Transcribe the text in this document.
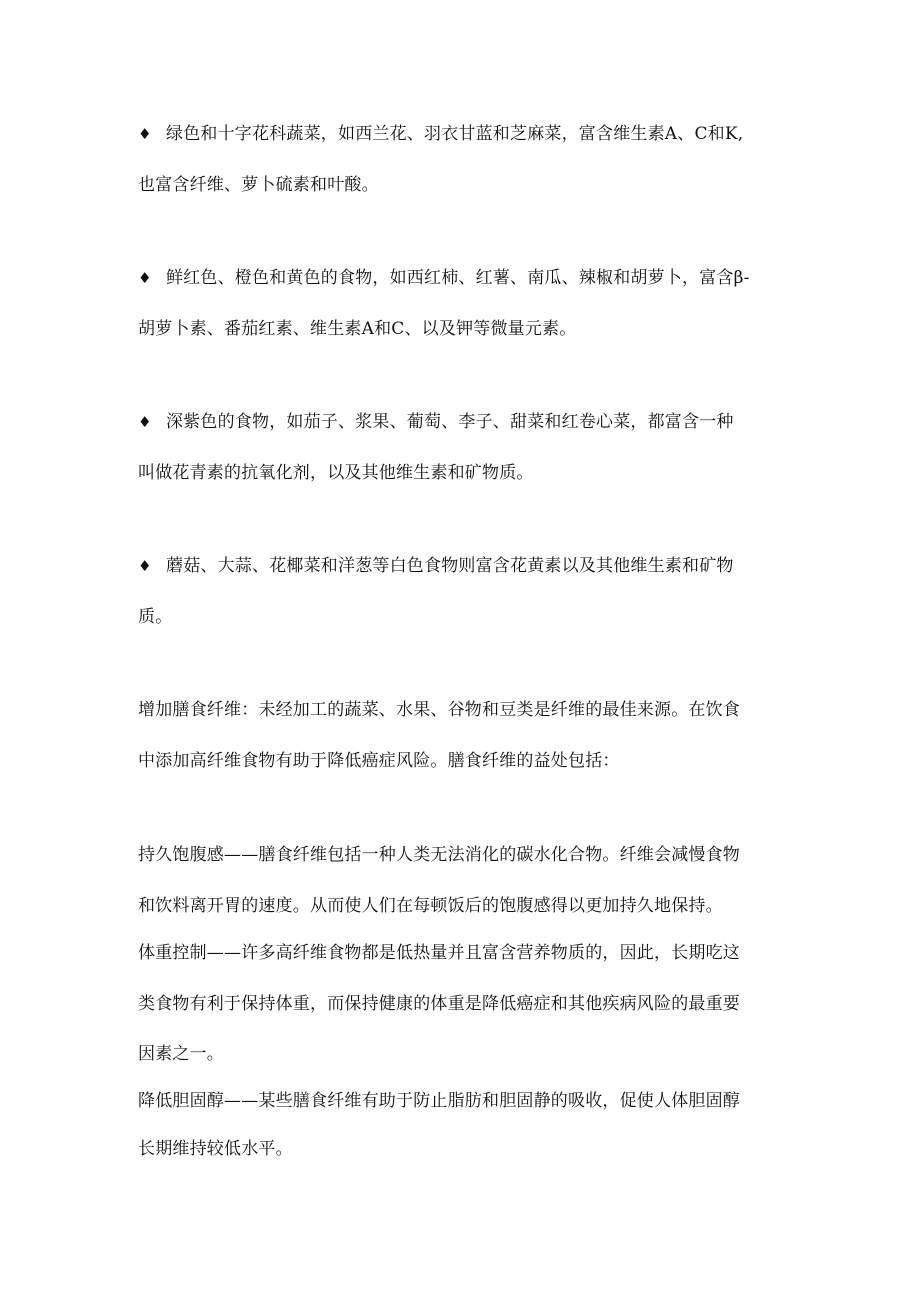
♦ 绿色和十字花科蔬菜，如西兰花、羽衣甘蓝和芝麻菜，富含维生素A、C和K,
也富含纤维、萝卜硫素和叶酸。
♦ 鲜红色、橙色和黄色的食物，如西红柿、红薯、南瓜、辣椒和胡萝卜，富含β-
胡萝卜素、番茄红素、维生素A和C、以及钾等微量元素。
♦ 深紫色的食物，如茄子、浆果、葡萄、李子、甜菜和红卷心菜，都富含一种
叫做花青素的抗氧化剂，以及其他维生素和矿物质。
♦ 蘑菇、大蒜、花椰菜和洋葱等白色食物则富含花黄素以及其他维生素和矿物
质。
增加膳食纤维：未经加工的蔬菜、水果、谷物和豆类是纤维的最佳来源。在饮食
中添加高纤维食物有助于降低癌症风险。膳食纤维的益处包括：
持久饱腹感——膳食纤维包括一种人类无法消化的碳水化合物。纤维会减慢食物
和饮料离开胃的速度。从而使人们在每顿饭后的饱腹感得以更加持久地保持。
体重控制——许多高纤维食物都是低热量并且富含营养物质的，因此，长期吃这
类食物有利于保持体重，而保持健康的体重是降低癌症和其他疾病风险的最重要
因素之一。
降低胆固醇——某些膳食纤维有助于防止脂肪和胆固静的吸收，促使人体胆固醇
长期维持较低水平。
